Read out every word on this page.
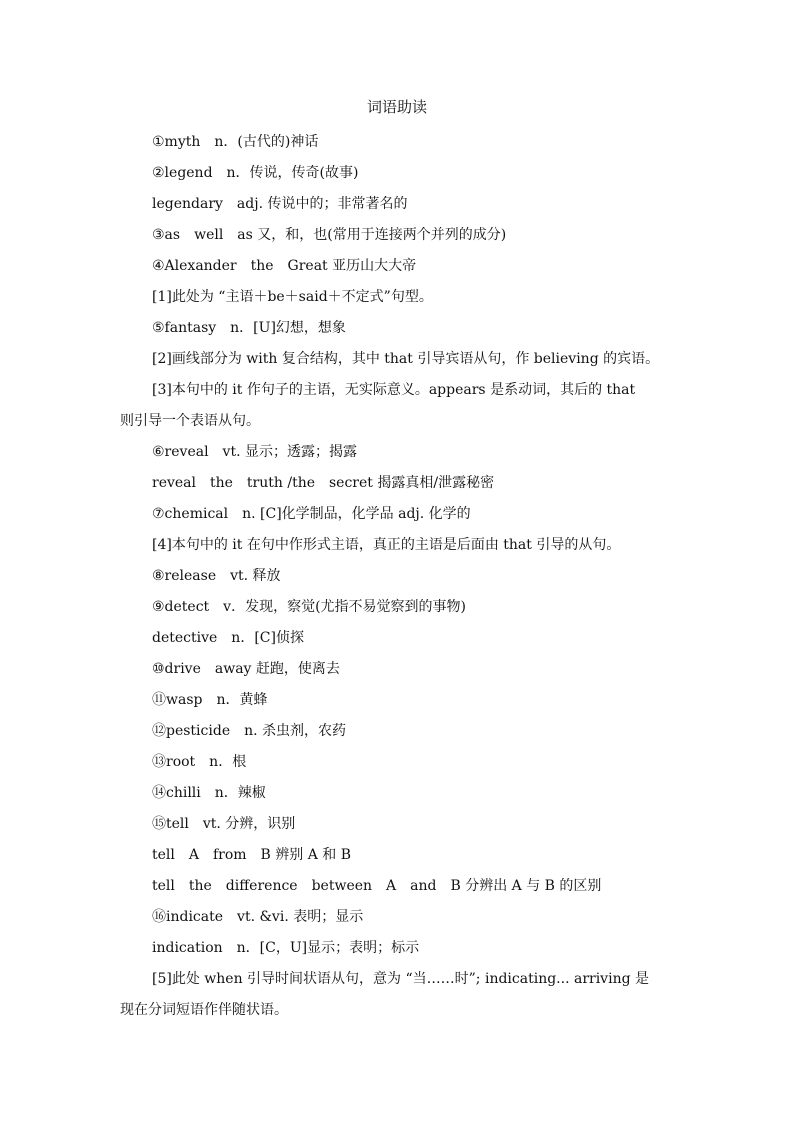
词语助读
①myth　n．(古代的)神话
②legend　n．传说，传奇(故事)
legendary　adj. 传说中的；非常著名的
③as　well　as 又，和，也(常用于连接两个并列的成分)
④Alexander　the　Great 亚历山大大帝
[1]此处为 “主语＋be＋said＋不定式”句型。
⑤fantasy　n．[U]幻想，想象
[2]画线部分为 with 复合结构，其中 that 引导宾语从句，作 believing 的宾语。
[3]本句中的 it 作句子的主语，无实际意义。appears 是系动词，其后的 that
则引导一个表语从句。
⑥reveal　vt. 显示；透露；揭露
reveal　the　truth /the　secret 揭露真相/泄露秘密
⑦chemical　n. [C]化学制品，化学品 adj. 化学的
[4]本句中的 it 在句中作形式主语，真正的主语是后面由 that 引导的从句。
⑧release　vt. 释放
⑨detect　v．发现，察觉(尤指不易觉察到的事物)
detective　n．[C]侦探
⑩drive　away 赶跑，使离去
⑪wasp　n．黄蜂
⑫pesticide　n. 杀虫剂，农药
⑬root　n．根
⑭chilli　n．辣椒
⑮tell　vt. 分辨，识别
tell　A　from　B 辨别 A 和 B
tell　the　difference　between　A　and　B 分辨出 A 与 B 的区别
⑯indicate　vt. &vi. 表明；显示
indication　n．[C，U]显示；表明；标示
[5]此处 when 引导时间状语从句，意为 “当……时”; indicating... arriving 是
现在分词短语作伴随状语。
